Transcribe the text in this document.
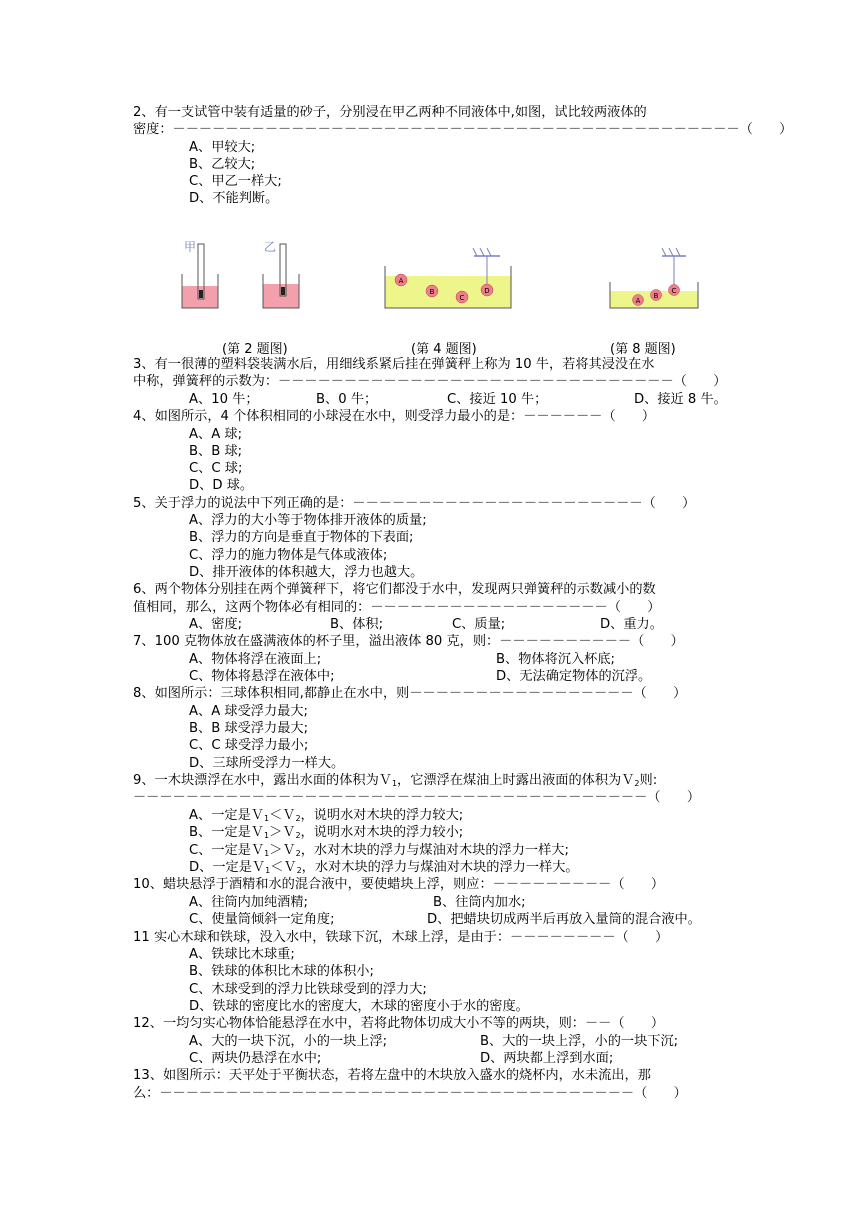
2、有一支试管中装有适量的砂子，分别浸在甲乙两种不同液体中,如图，试比较两液体的
密度：－－－－－－－－－－－－－－－－－－－－－－－－－－－－－－－－－－－－－－－－－－－（　　）
A、甲较大;
B、乙较大;
C、甲乙一样大;
D、不能判断。
甲	乙
A
B
C
D
A
B
C
(第 2 题图)	(第 4 题图)	(第 8 题图)
3、有一很薄的塑料袋装满水后，用细线系紧后挂在弹簧秤上称为 10 牛，若将其浸没在水
中称，弹簧秤的示数为：－－－－－－－－－－－－－－－－－－－－－－－－－－－－－－（　　）
A、10 牛；	B、0 牛；	C、接近 10 牛；	D、接近 8 牛。
4、如图所示，4 个体积相同的小球浸在水中，则受浮力最小的是：－－－－－－（　　）
A、A 球;
B、B 球;
C、C 球;
D、D 球。
5、关于浮力的说法中下列正确的是：－－－－－－－－－－－－－－－－－－－－－－（　　）
A、浮力的大小等于物体排开液体的质量;
B、浮力的方向是垂直于物体的下表面;
C、浮力的施力物体是气体或液体;
D、排开液体的体积越大，浮力也越大。
6、两个物体分别挂在两个弹簧秤下，将它们都没于水中，发现两只弹簧秤的示数减小的数
值相同，那么，这两个物体必有相同的：－－－－－－－－－－－－－－－－－－（　　）
A、密度;	B、体积;	C、质量;	D、重力。
7、100 克物体放在盛满液体的杯子里，溢出液体 80 克，则：－－－－－－－－－－（　　）
A、物体将浮在液面上;	B、物体将沉入杯底;
C、物体将悬浮在液体中;	D、无法确定物体的沉浮。
8、如图所示：三球体积相同,都静止在水中，则－－－－－－－－－－－－－－－－－（　　）
A、A 球受浮力最大;
B、B 球受浮力最大;
C、C 球受浮力最小;
D、三球所受浮力一样大。
9、一木块漂浮在水中，露出水面的体积为Ｖ$_1$，它漂浮在煤油上时露出液面的体积为Ｖ$_2$则:
－－－－－－－－－－－－－－－－－－－－－－－－－－－－－－－－－－－－－－－（　　）
A、一定是Ｖ$_1$＜Ｖ$_2$，说明水对木块的浮力较大;
B、一定是Ｖ$_1$＞Ｖ$_2$，说明水对木块的浮力较小;
C、一定是Ｖ$_1$＞Ｖ$_2$，水对木块的浮力与煤油对木块的浮力一样大;
D、一定是Ｖ$_1$＜Ｖ$_2$，水对木块的浮力与煤油对木块的浮力一样大。
10、蜡块悬浮于酒精和水的混合液中，要使蜡块上浮，则应：－－－－－－－－－（　　）
A、往筒内加纯酒精;	B、往筒内加水;
C、使量筒倾斜一定角度;	D、把蜡块切成两半后再放入量筒的混合液中。
11 实心木球和铁球，没入水中，铁球下沉，木球上浮，是由于：－－－－－－－－（　　）
A、铁球比木球重;
B、铁球的体积比木球的体积小;
C、木球受到的浮力比铁球受到的浮力大;
D、铁球的密度比水的密度大，木球的密度小于水的密度。
12、一均匀实心物体恰能悬浮在水中，若将此物体切成大小不等的两块，则：－－（　　）
A、大的一块下沉，小的一块上浮;	B、大的一块上浮，小的一块下沉;
C、两块仍悬浮在水中;	D、两块都上浮到水面;
13、如图所示：天平处于平衡状态，若将左盘中的木块放入盛水的烧杯内，水未流出，那
么：－－－－－－－－－－－－－－－－－－－－－－－－－－－－－－－－－－－－（　　）
